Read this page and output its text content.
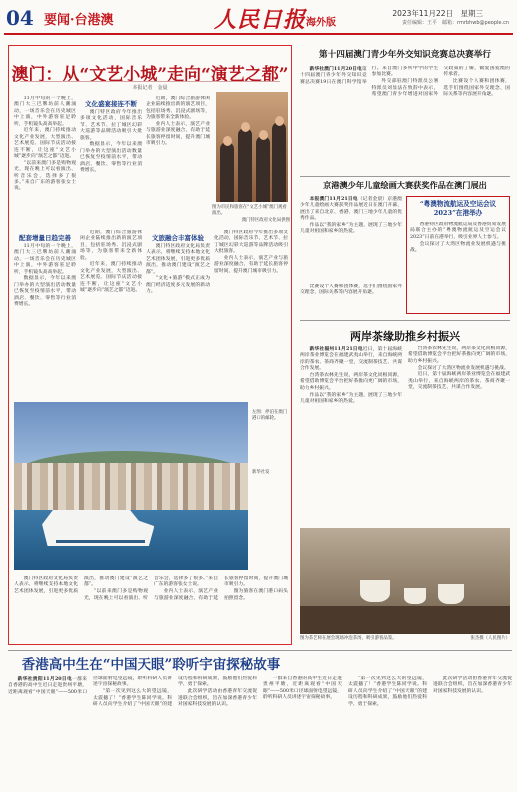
04 要闻·台港澳	人民日报海外版
2023年11月22日　星期三
责任编辑：王平　邮箱：rmrbhwb@people.cn
澳门：从“文艺小城”走向“演艺之都”
本报记者　金晨

11月中旬的一个晚上，澳门大三巴牌坊前人潮涌动，一场音乐会在历史城区中上演，中外游客驻足聆听，手机镜头高高举起。

近年来，澳门持续推动文化产业发展，大型演出、艺术展览、国际节庆活动接连不断，让这座“文艺小城”逐步向“演艺之都”迈进。

“以前来澳门多是购物观光，现在晚上可以看演出、听音乐会，选择多了很多。”来自广东的游客张女士说。

文化盛宴接连不断

澳门特区政府今年推出多项文化活动，国际音乐节、艺术节、拉丁城区幻彩大巡游等品牌活动吸引大批旅客。

数据显示，今年以来澳门举办的大型演出活动数量已恢复至疫情前水平，带动酒店、餐饮、零售等行业消费增长。

近期，澳门综合旅游休闲企业陆续推出新的演艺项目，包括驻场秀、沉浸式剧场等，为旅客带来全新体验。

业内人士表示，演艺产业与旅游业深度融合，有助于延长旅客停留时间，提升澳门城市吸引力。

图为市民和旅客在“文艺小城”澳门观看演出。
澳门特区政府文化局供图
配套增量日趋完善

11月中旬的一个晚上，澳门大三巴牌坊前人潮涌动，一场音乐会在历史城区中上演，中外游客驻足聆听，手机镜头高高举起。

数据显示，今年以来澳门举办的大型演出活动数量已恢复至疫情前水平，带动酒店、餐饮、零售等行业消费增长。

近期，澳门综合旅游休闲企业陆续推出新的演艺项目，包括驻场秀、沉浸式剧场等，为旅客带来全新体验。

近年来，澳门持续推动文化产业发展，大型演出、艺术展览、国际节庆活动接连不断，让这座“文艺小城”逐步向“演艺之都”迈进。

文旅融合丰富体验

澳门特区政府文化局负责人表示，将继续支持本地文化艺术团体发展，引进更多优质演出，推动澳门建设“演艺之都”。

“文化+旅游”模式正成为澳门经济适度多元发展的新动力。

澳门特区政府今年推出多项文化活动，国际音乐节、艺术节、拉丁城区幻彩大巡游等品牌活动吸引大批旅客。

业内人士表示，演艺产业与旅游业深度融合，有助于延长旅客停留时间，提升澳门城市吸引力。

左图：停泊在澳门港口的邮轮。
新华社发

澳门特区政府文化局负责人表示，将继续支持本地文化艺术团体发展，引进更多优质演出，推动澳门建设“演艺之都”。

“以前来澳门多是购物观光，现在晚上可以看演出、听音乐会，选择多了很多。”来自广东的游客张女士说。

业内人士表示，演艺产业与旅游业深度融合，有助于延长旅客停留时间，提升澳门城市吸引力。

图为旅客在澳门港口码头拍照留念。

第十四届澳门青少年外交知识竞赛总决赛举行

新华社澳门11月20日电第十四届澳门青少年外交知识竞赛总决赛19日在澳门科学馆举行。来自澳门多所中学的学生参加比赛。

外交部驻澳门特派员公署特派员刘显法在致辞中表示，希望澳门青少年增进对国家外交政策的了解，做爱国爱澳的传承者。

比赛设个人赛和团体赛，选手们围绕国家外交理念、国际关系等内容展开角逐。

京港澳少年儿童绘画大赛获奖作品在澳门展出

本报澳门11月21日电（记者金晨）京港澳少年儿童绘画大赛获奖作品展近日在澳门开幕，展出了来自北京、香港、澳门三地少年儿童的优秀作品。

作品以“我的家乡”为主题，展现了三地少年儿童对祖国和家乡的热爱。

“粤澳物流航运及空运会议2023”在港举办

香港特区政府物流航运局及香港贸易发展局联合主办的“粤澳物流航运及空运会议2023”日前在港举行，吸引业界人士参与。

会议探讨了大湾区物流业发展机遇与挑战。

比赛设个人赛和团体赛，选手们围绕国家外交理念、国际关系等内容展开角逐。

两岸茶缘助推乡村振兴

新华社福州11月21日电近日，第十届海峡两岸茶业博览会在福建武夷山举行，来自海峡两岸的茶农、茶商齐聚一堂，交流制茶技艺、共谋合作发展。

台湾茶农林先生说，两岸茶文化同根同源，希望借助博览会平台把好茶推向更广阔的市场，助力乡村振兴。

作品以“我的家乡”为主题，展现了三地少年儿童对祖国和家乡的热爱。

台湾茶农林先生说，两岸茶文化同根同源，希望借助博览会平台把好茶推向更广阔的市场，助力乡村振兴。

会议探讨了大湾区物流业发展机遇与挑战。

近日，第十届海峡两岸茶业博览会在福建武夷山举行，来自海峡两岸的茶农、茶商齐聚一堂，交流制茶技艺、共谋合作发展。

图为茶艺师在展会现场冲泡茶汤，吸引游客品鉴。	张杰摄（人民图片）
香港高中生在“中国天眼”聆听宇宙探秘故事

新华社贵阳11月20日电一群来自香港的高中生近日走进贵州平塘，近距离观看“中国天眼”——500米口径球面射电望远镜，聆听科研人员讲述宇宙探秘故事。

“第一次见到这么大的望远镜，太震撼了！”香港学生陈同学说。科研人员向学生介绍了“中国天眼”的建设历程和科研成果，鼓励他们热爱科学、勇于探索。

此次研学活动由香港青年交流促进联合会组织，旨在加深香港青少年对国家科技发展的认识。

一群来自香港的高中生近日走进贵州平塘，近距离观看“中国天眼”——500米口径球面射电望远镜，聆听科研人员讲述宇宙探秘故事。

“第一次见到这么大的望远镜，太震撼了！”香港学生陈同学说。科研人员向学生介绍了“中国天眼”的建设历程和科研成果，鼓励他们热爱科学、勇于探索。

此次研学活动由香港青年交流促进联合会组织，旨在加深香港青少年对国家科技发展的认识。
